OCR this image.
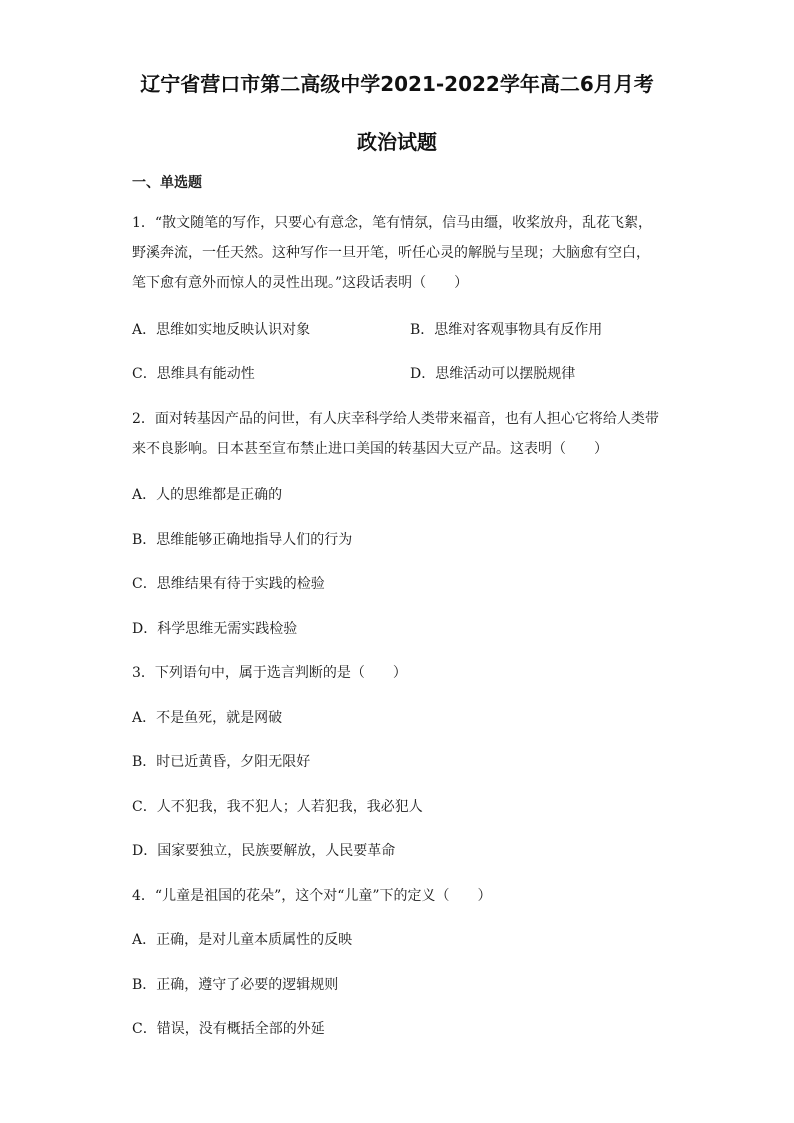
辽宁省营口市第二高级中学2021-2022学年高二6月月考
政治试题
一、单选题
1．“散文随笔的写作，只要心有意念，笔有情氛，信马由缰，收桨放舟，乱花飞絮，
野溪奔流，一任天然。这种写作一旦开笔，听任心灵的解脱与呈现；大脑愈有空白，
笔下愈有意外而惊人的灵性出现。”这段话表明（　　）
A．思维如实地反映认识对象	B．思维对客观事物具有反作用
C．思维具有能动性	D．思维活动可以摆脱规律
2．面对转基因产品的问世，有人庆幸科学给人类带来福音，也有人担心它将给人类带
来不良影响。日本甚至宣布禁止进口美国的转基因大豆产品。这表明（　　）
A．人的思维都是正确的
B．思维能够正确地指导人们的行为
C．思维结果有待于实践的检验
D．科学思维无需实践检验
3．下列语句中，属于选言判断的是（　　）
A．不是鱼死，就是网破
B．时已近黄昏，夕阳无限好
C．人不犯我，我不犯人；人若犯我，我必犯人
D．国家要独立，民族要解放，人民要革命
4．“儿童是祖国的花朵”，这个对“儿童”下的定义（　　）
A．正确，是对儿童本质属性的反映
B．正确，遵守了必要的逻辑规则
C．错误，没有概括全部的外延
